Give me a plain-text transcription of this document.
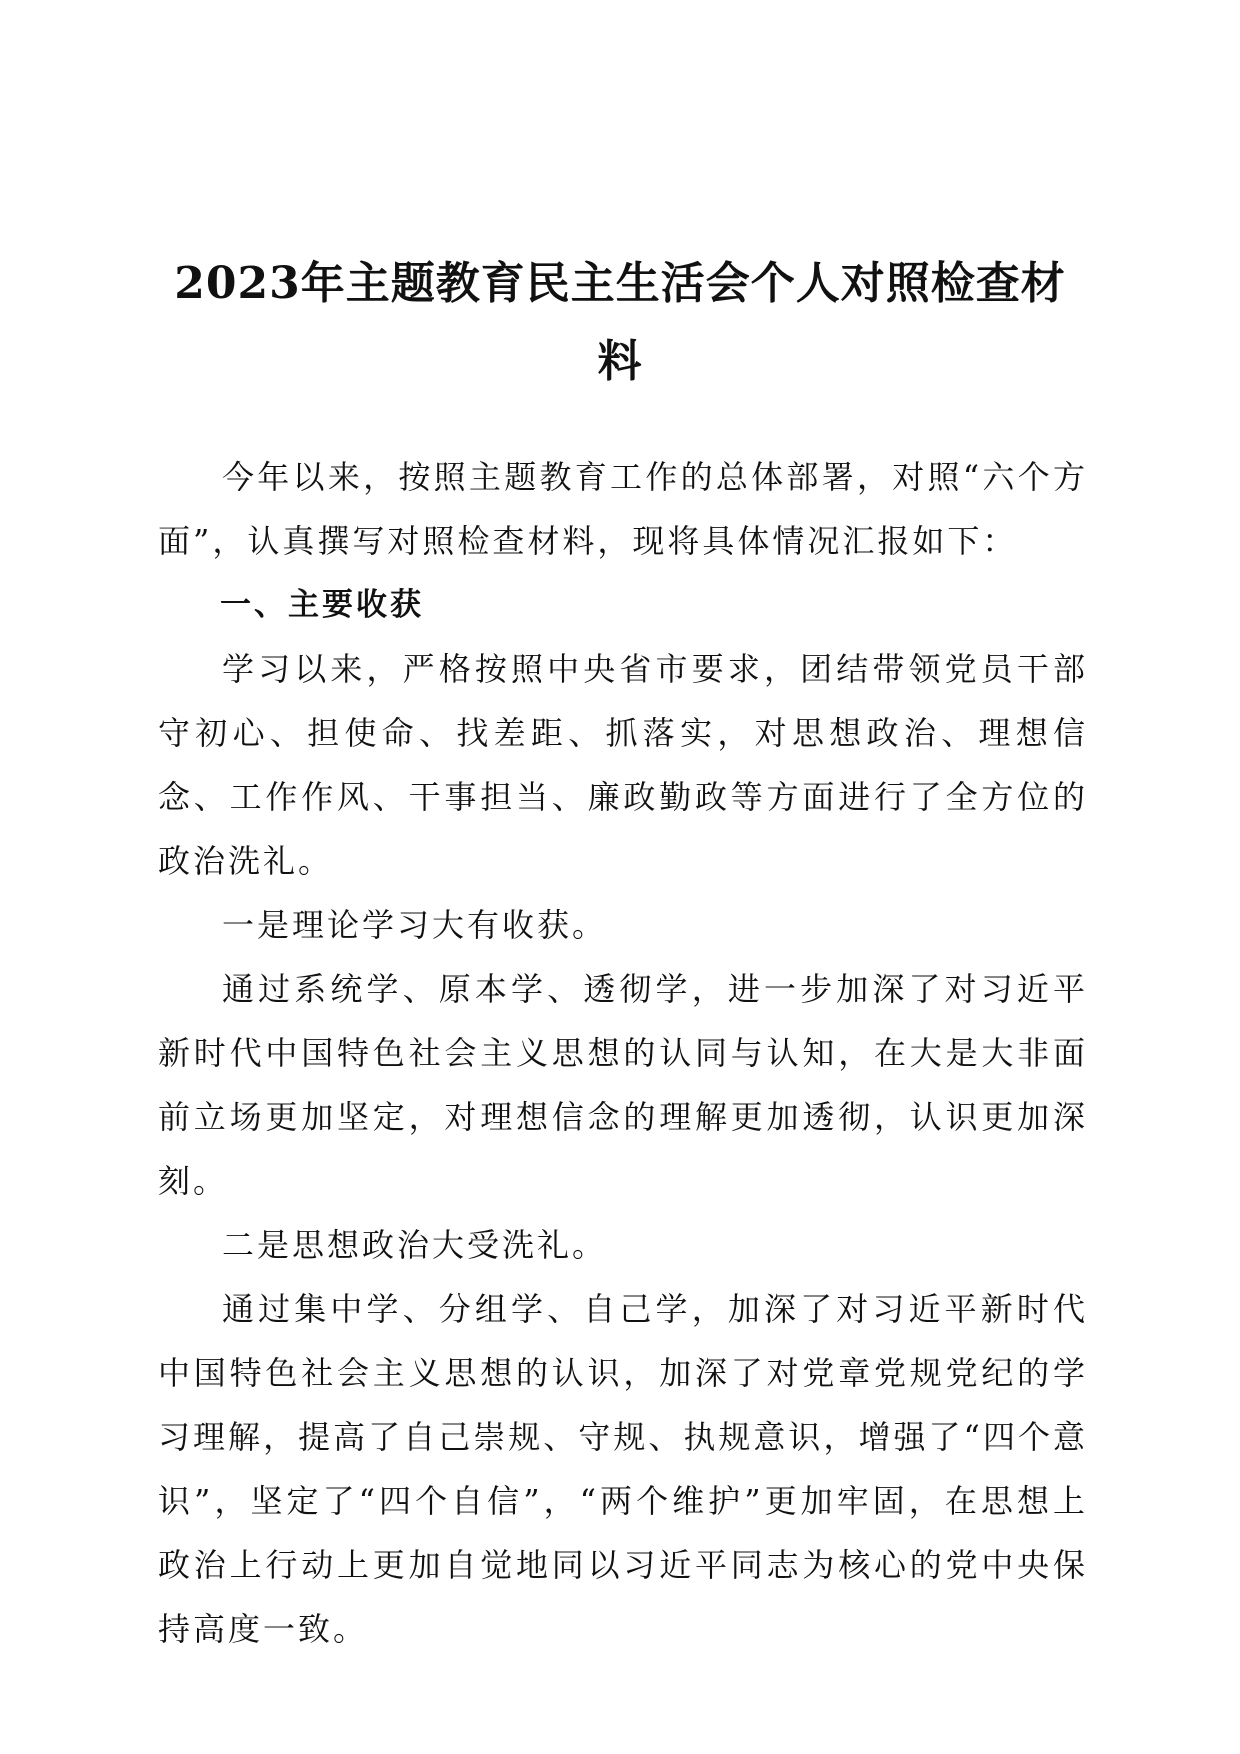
2023年主题教育民主生活会个人对照检查材
料

今年以来，按照主题教育工作的总体部署，对照“六个方面”，认真撰写对照检查材料，现将具体情况汇报如下：

一、主要收获

学习以来，严格按照中央省市要求，团结带领党员干部守初心、担使命、找差距、抓落实，对思想政治、理想信念、工作作风、干事担当、廉政勤政等方面进行了全方位的政治洗礼。

一是理论学习大有收获。

通过系统学、原本学、透彻学，进一步加深了对习近平新时代中国特色社会主义思想的认同与认知，在大是大非面前立场更加坚定，对理想信念的理解更加透彻，认识更加深刻。

二是思想政治大受洗礼。

通过集中学、分组学、自己学，加深了对习近平新时代中国特色社会主义思想的认识，加深了对党章党规党纪的学习理解，提高了自己崇规、守规、执规意识，增强了“四个意识”，坚定了“四个自信”，“两个维护”更加牢固，在思想上政治上行动上更加自觉地同以习近平同志为核心的党中央保持高度一致。
